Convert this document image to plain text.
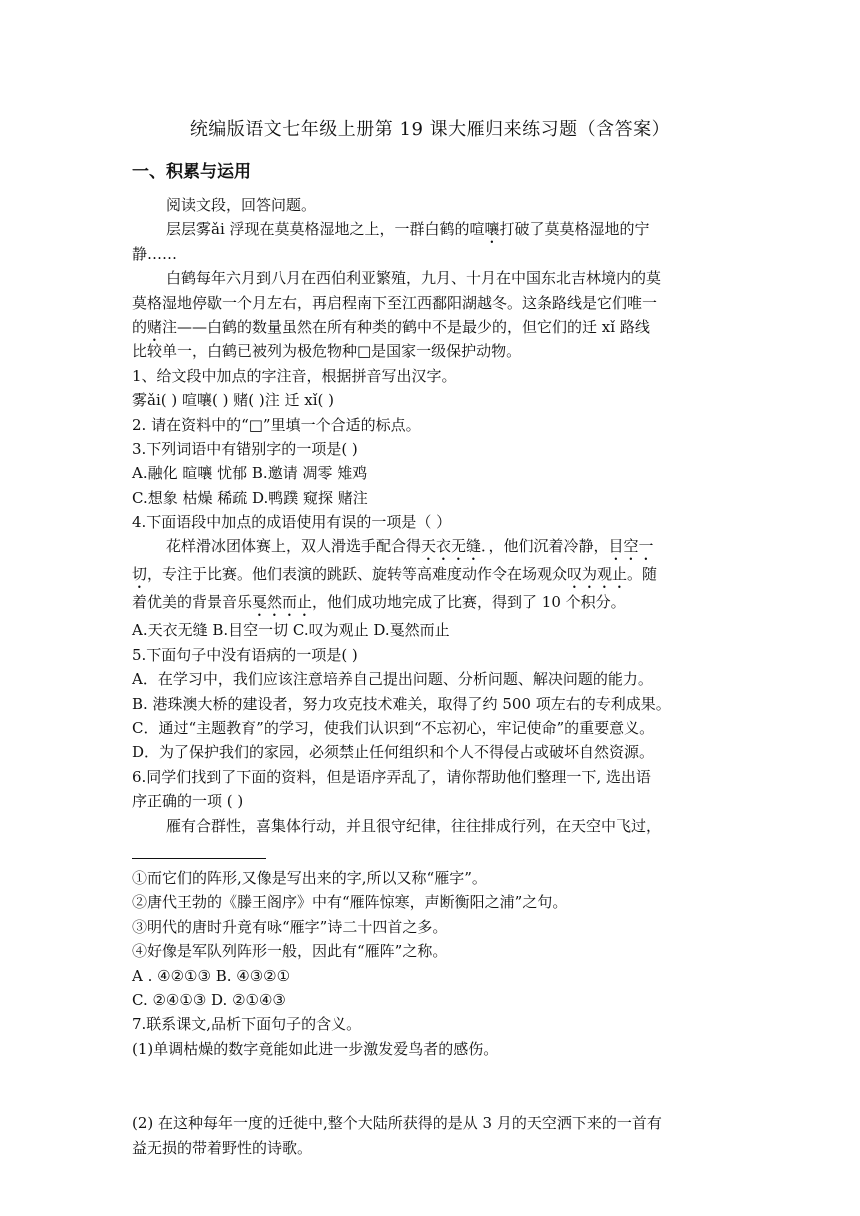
统编版语文七年级上册第 19 课大雁归来练习题（含答案）
一、积累与运用
阅读文段，回答问题。
层层雾ǎi 浮现在莫莫格湿地之上，一群白鹤的喧嚷打破了莫莫格湿地的宁
静……
白鹤每年六月到八月在西伯利亚繁殖，九月、十月在中国东北吉林境内的莫
莫格湿地停歇一个月左右，再启程南下至江西鄱阳湖越冬。这条路线是它们唯一
的赌注——白鹤的数量虽然在所有种类的鹤中不是最少的，但它们的迁 xǐ 路线
比较单一，白鹤已被列为极危物种□是国家一级保护动物。
1、给文段中加点的字注音，根据拼音写出汉字。
雾ǎi( ) 喧嚷( ) 赌( )注 迁 xǐ( )
2. 请在资料中的“□”里填一个合适的标点。
3.下列词语中有错别字的一项是( )
A.融化 暄嚷 忧郁 B.邀请 凋零 雉鸡
C.想象 枯燥 稀疏 D.鸭蹼 窥探 赌注
4.下面语段中加点的成语使用有误的一项是（ ）
花样滑冰团体赛上，双人滑选手配合得天衣无缝．，他们沉着冷静，目空一
切，专注于比赛。他们表演的跳跃、旋转等高难度动作令在场观众叹为观止。随
着优美的背景音乐戛然而止，他们成功地完成了比赛，得到了 10 个积分。
A.天衣无缝 B.目空一切 C.叹为观止 D.戛然而止
5.下面句子中没有语病的一项是( )
A．在学习中，我们应该注意培养自己提出问题、分析问题、解决问题的能力。
B. 港珠澳大桥的建设者，努力攻克技术难关，取得了约 500 项左右的专利成果。
C．通过“主题教育”的学习，使我们认识到“不忘初心，牢记使命”的重要意义。
D．为了保护我们的家园，必须禁止任何组织和个人不得侵占或破坏自然资源。
6.同学们找到了下面的资料，但是语序弄乱了，请你帮助他们整理一下, 选出语
序正确的一项 ( )
雁有合群性，喜集体行动，并且很守纪律，往往排成行列，在天空中飞过，
①而它们的阵形,又像是写出来的字,所以又称“雁字”。
②唐代王勃的《滕王阁序》中有“雁阵惊寒，声断衡阳之浦”之句。
③明代的唐时升竟有咏“雁字”诗二十四首之多。
④好像是军队列阵形一般，因此有“雁阵”之称。
A . ④②①③ B. ④③②①
C. ②④①③ D. ②①④③
7.联系课文,品析下面句子的含义。
(1)单调枯燥的数字竟能如此进一步激发爱鸟者的感伤。
(2) 在这种每年一度的迁徙中,整个大陆所获得的是从 3 月的天空洒下来的一首有
益无损的带着野性的诗歌。
